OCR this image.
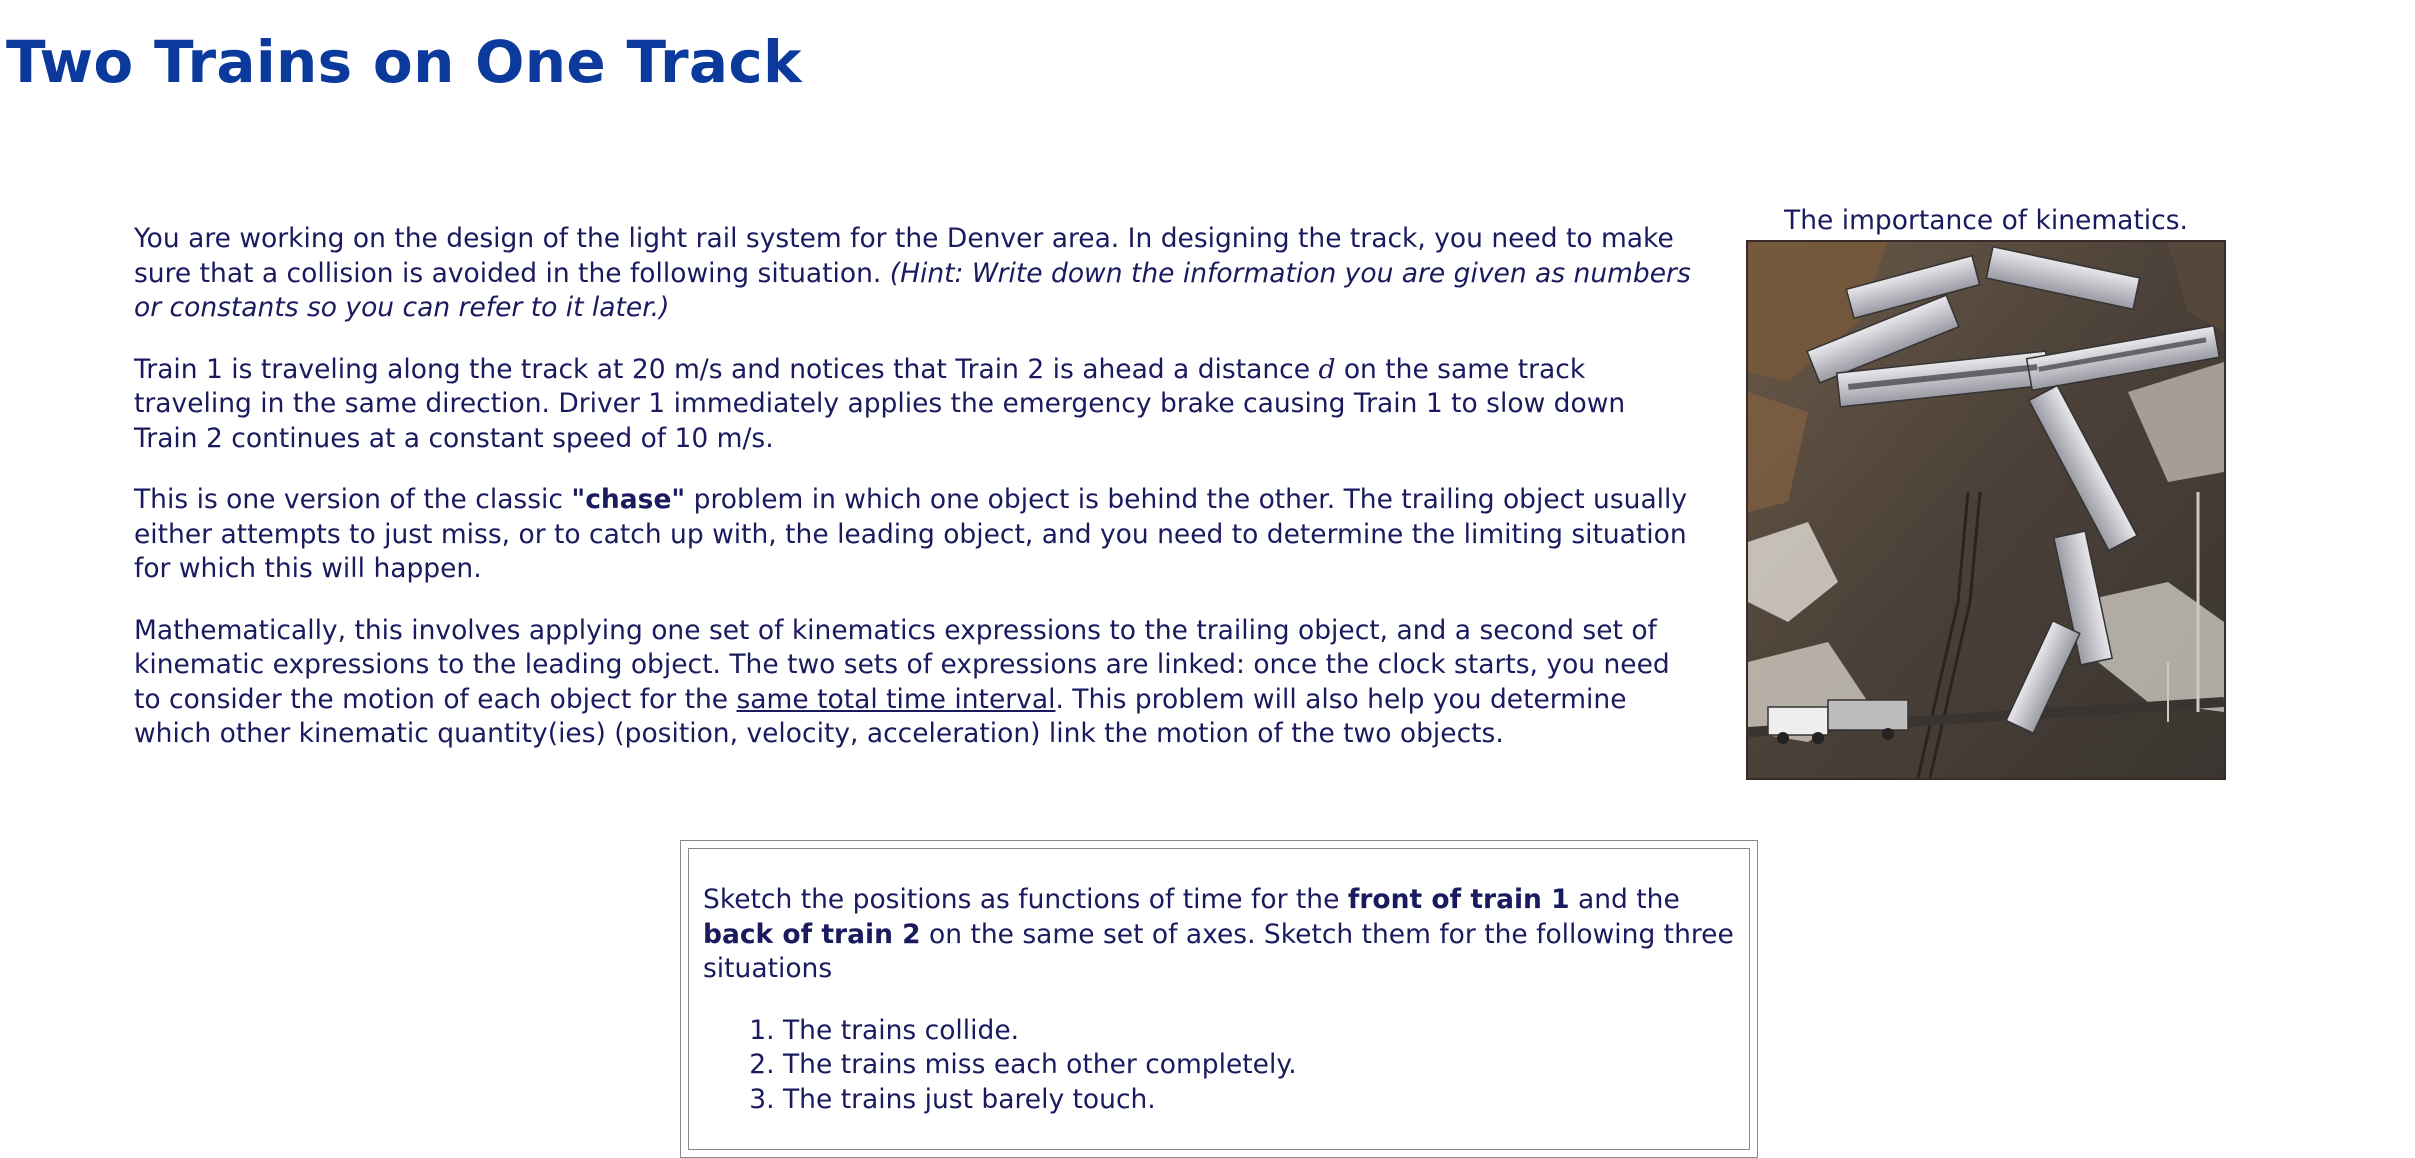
Two Trains on One Track

You are working on the design of the light rail system for the Denver area. In designing the track, you need to make sure that a collision is avoided in the following situation. (Hint: Write down the information you are given as numbers or constants so you can refer to it later.)

Train 1 is traveling along the track at 20 m/s and notices that Train 2 is ahead a distance d on the same track traveling in the same direction. Driver 1 immediately applies the emergency brake causing Train 1 to slow down Train 2 continues at a constant speed of 10 m/s.

This is one version of the classic "chase" problem in which one object is behind the other. The trailing object usually either attempts to just miss, or to catch up with, the leading object, and you need to determine the limiting situation for which this will happen.

Mathematically, this involves applying one set of kinematics expressions to the trailing object, and a second set of kinematic expressions to the leading object. The two sets of expressions are linked: once the clock starts, you need to consider the motion of each object for the same total time interval. This problem will also help you determine which other kinematic quantity(ies) (position, velocity, acceleration) link the motion of the two objects.

The importance of kinematics.

Sketch the positions as functions of time for the front of train 1 and the back of train 2 on the same set of axes. Sketch them for the following three situations

1. The trains collide.
2. The trains miss each other completely.
3. The trains just barely touch.
